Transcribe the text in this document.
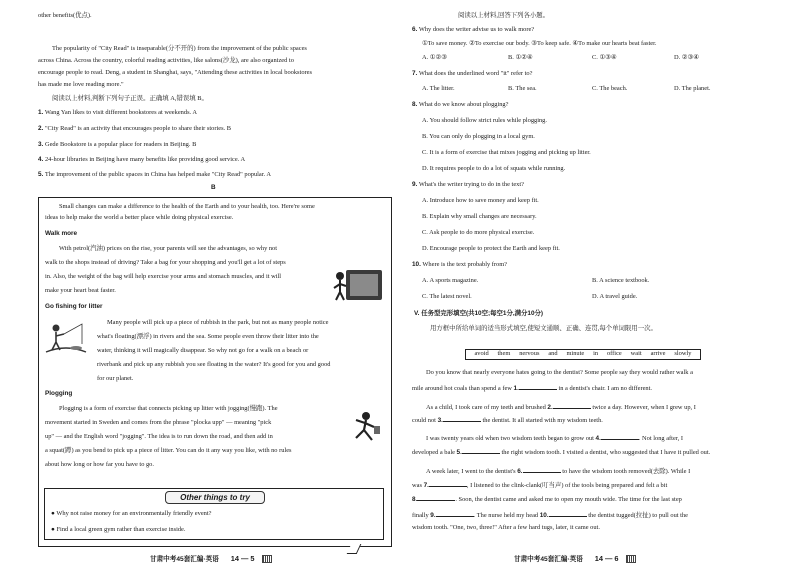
other benefits(优点).
The popularity of "City Read" is inseparable(分不开的) from the improvement of the public spaces
across China. Across the country, colorful reading activities, like salons(沙龙), are also organized to
encourage people to read. Deng, a student in Shanghai, says, "Attending these activities in local bookstores
has made me love reading more."
阅读以上材料,判断下列句子正误。正确填 A,错误填 B。
1. Wang Yan likes to visit different bookstores at weekends. A
2. "City Read" is an activity that encourages people to share their stories. B
3. Gede Bookstore is a popular place for readers in Beijing. B
4. 24-hour libraries in Beijing have many benefits like providing good service. A
5. The improvement of the public spaces in China has helped make "City Read" popular. A
B
Small changes can make a difference to the health of the Earth and to your health, too. Here're some
ideas to help make the world a better place while doing physical exercise.
Walk more
With petrol(汽油) prices on the rise, your parents will see the advantages, so why not
walk to the shops instead of driving? Take a bag for your shopping and you'll get a lot of steps
in. Also, the weight of the bag will help exercise your arms and stomach muscles, and it will
make your heart beat faster.
Go fishing for litter
Many people will pick up a piece of rubbish in the park, but not as many people notice
what's floating(漂浮) in rivers and the sea. Some people even throw their litter into the
water, thinking it will magically disappear. So why not go for a walk on a beach or
riverbank and pick up any rubbish you see floating in the water? It's good for you and good
for our planet.
Plogging
Plogging is a form of exercise that connects picking up litter with jogging(慢跑). The
movement started in Sweden and comes from the phrase "plocka upp" — meaning "pick
up" — and the English word "jogging". The idea is to run down the road, and then add in
a squat(蹲) as you bend to pick up a piece of litter. You can do it any way you like, with no rules
about how long or how far you have to go.
Other things to try
● Why not raise money for an environmentally friendly event?
● Find a local green gym rather than exercise inside.
甘肃中考45套汇编·英语 14 — 5
阅读以上材料,回答下列各小题。
6. Why does the writer advise us to walk more?
①To save money. ②To exercise our body. ③To keep safe. ④To make our hearts beat faster.
A. ①②③	B. ①②④	C. ①③④	D. ②③④
7. What does the underlined word "it" refer to?
A. The litter.	B. The sea.	C. The beach.	D. The planet.
8. What do we know about plogging?
A. You should follow strict rules while plogging.
B. You can only do plogging in a local gym.
C. It is a form of exercise that mixes jogging and picking up litter.
D. It requires people to do a lot of squats while running.
9. What's the writer trying to do in the text?
A. Introduce how to save money and keep fit.
B. Explain why small changes are necessary.
C. Ask people to do more physical exercise.
D. Encourage people to protect the Earth and keep fit.
10. Where is the text probably from?
A. A sports magazine.	B. A science textbook.
C. The latest novel.	D. A travel guide.
V. 任务型完形填空(共10空;每空1分,满分10分)
用方框中所给单词的适当形式填空,使短文通顺、正确、连贯,每个单词限用一次。
avoid them nervous and minute in office wait arrive slowly
Do you know that nearly everyone hates going to the dentist? Some people say they would rather walk a
mile around hot coals than spend a few 1.	in a dentist's chair. I am no different.
As a child, I took care of my teeth and brushed 2.	twice a day. However, when I grew up, I
could not 3.	the dentist. It all started with my wisdom teeth.
I was twenty years old when two wisdom teeth began to grow out 4.	. Not long after, I
developed a bale 5.	the right wisdom tooth. I visited a dentist, who suggested that I have it pulled out.
A week later, I went to the dentist's 6.	to have the wisdom tooth removed(去除). While I
was 7.	, I listened to the clink-clank(叮当声) of the tools being prepared and felt a bit
8.	. Soon, the dentist came and asked me to open my mouth wide. The time for the last step
finally 9.	. The nurse held my head 10.	the dentist tugged(拉扯) to pull out the
wisdom tooth. "One, two, three!" After a few hard tugs, later, it came out.
甘肃中考45套汇编·英语 14 — 6
